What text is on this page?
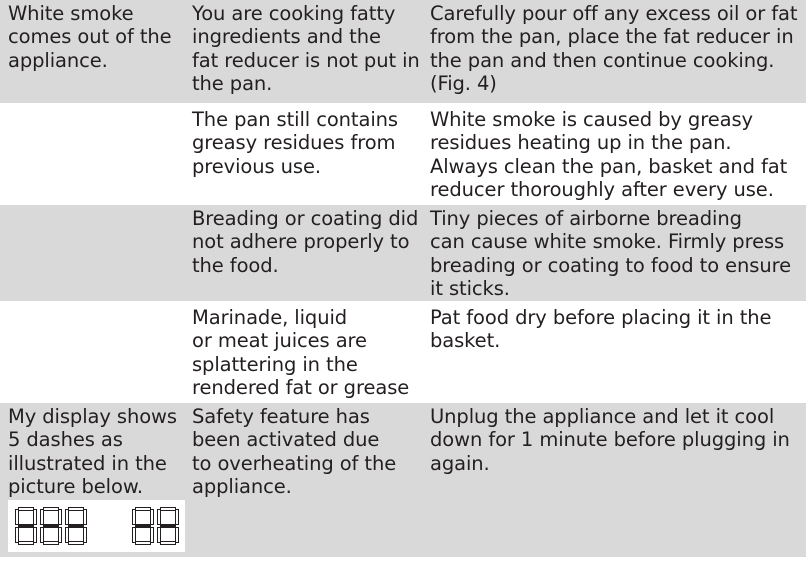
White smoke
comes out of the
appliance.
You are cooking fatty
ingredients and the
fat reducer is not put in
the pan.
Carefully pour off any excess oil or fat
from the pan, place the fat reducer in
the pan and then continue cooking.
(Fig. 4)
The pan still contains
greasy residues from
previous use.
White smoke is caused by greasy
residues heating up in the pan.
Always clean the pan, basket and fat
reducer thoroughly after every use.
Breading or coating did
not adhere properly to
the food.
Tiny pieces of airborne breading
can cause white smoke. Firmly press
breading or coating to food to ensure
it sticks.
Marinade, liquid
or meat juices are
splattering in the
rendered fat or grease
Pat food dry before placing it in the
basket.
My display shows
5 dashes as
illustrated in the
picture below.
Safety feature has
been activated due
to overheating of the
appliance.
Unplug the appliance and let it cool
down for 1 minute before plugging in
again.
